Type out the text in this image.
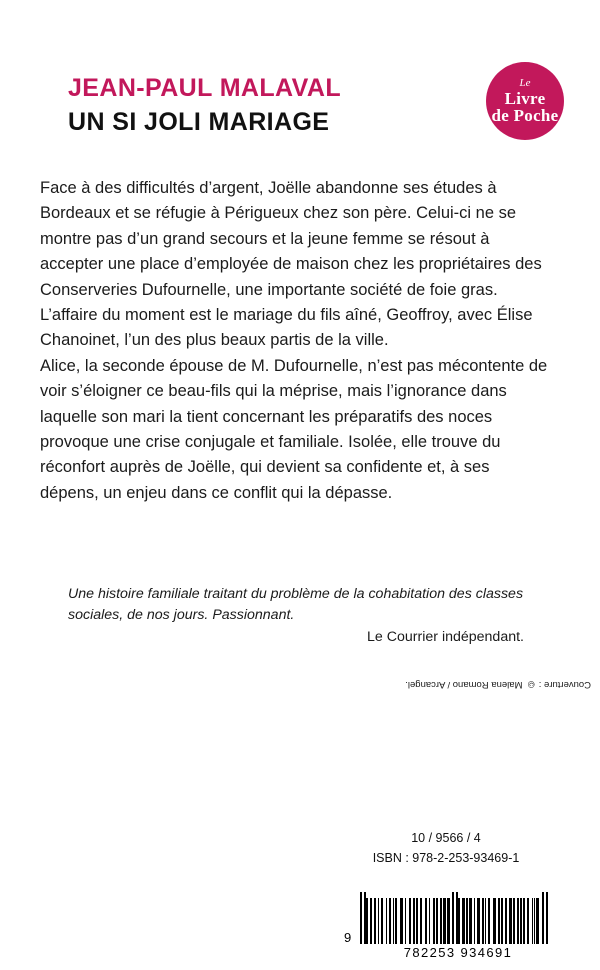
JEAN-PAUL MALAVAL
UN SI JOLI MARIAGE
Le
Livre
de Poche

Face à des difficultés d’argent, Joëlle abandonne ses études à Bordeaux et se réfugie à Périgueux chez son père. Celui-ci ne se montre pas d’un grand secours et la jeune femme se résout à accepter une place d’employée de maison chez les propriétaires des Conserveries Dufournelle, une importante société de foie gras. L’affaire du moment est le mariage du fils aîné, Geoffroy, avec Élise Chanoinet, l’un des plus beaux partis de la ville.

Alice, la seconde épouse de M. Dufournelle, n’est pas mécontente de voir s’éloigner ce beau-fils qui la méprise, mais l’ignorance dans laquelle son mari la tient concernant les préparatifs des noces provoque une crise conjugale et familiale. Isolée, elle trouve du réconfort auprès de Joëlle, qui devient sa confidente et, à ses dépens, un enjeu dans ce conflit qui la dépasse.

Une histoire familiale traitant du problème de la cohabitation des classes sociales, de nos jours. Passionnant.
Le Courrier indépendant.
Couverture : © Malena Romano / Arcangel.
10 / 9566 / 4
ISBN : 978-2-253-93469-1
9
782253 934691
